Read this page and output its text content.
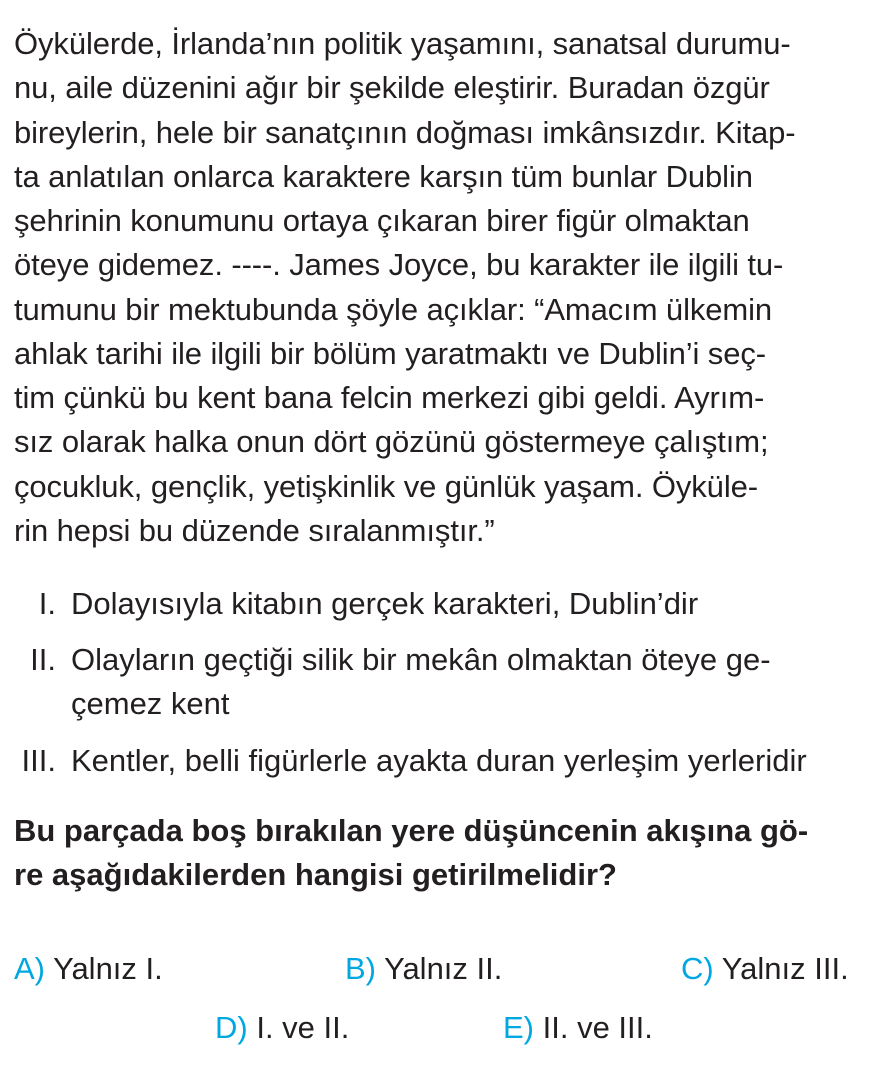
Öykülerde, İrlanda’nın politik yaşamını, sanatsal durumu-
nu, aile düzenini ağır bir şekilde eleştirir. Buradan özgür
bireylerin, hele bir sanatçının doğması imkânsızdır. Kitap-
ta anlatılan onlarca karaktere karşın tüm bunlar Dublin
şehrinin konumunu ortaya çıkaran birer figür olmaktan
öteye gidemez. ----. James Joyce, bu karakter ile ilgili tu-
tumunu bir mektubunda şöyle açıklar: “Amacım ülkemin
ahlak tarihi ile ilgili bir bölüm yaratmaktı ve Dublin’i seç-
tim çünkü bu kent bana felcin merkezi gibi geldi. Ayrım-
sız olarak halka onun dört gözünü göstermeye çalıştım;
çocukluk, gençlik, yetişkinlik ve günlük yaşam. Öyküle-
rin hepsi bu düzende sıralanmıştır.”
I. Dolayısıyla kitabın gerçek karakteri, Dublin’dir
II. Olayların geçtiği silik bir mekân olmaktan öteye ge-
çemez kent
III. Kentler, belli figürlerle ayakta duran yerleşim yerleridir
Bu parçada boş bırakılan yere düşüncenin akışına gö-
re aşağıdakilerden hangisi getirilmelidir?
A) Yalnız I.	B) Yalnız II.	C) Yalnız III.
D) I. ve II.	E) II. ve III.
